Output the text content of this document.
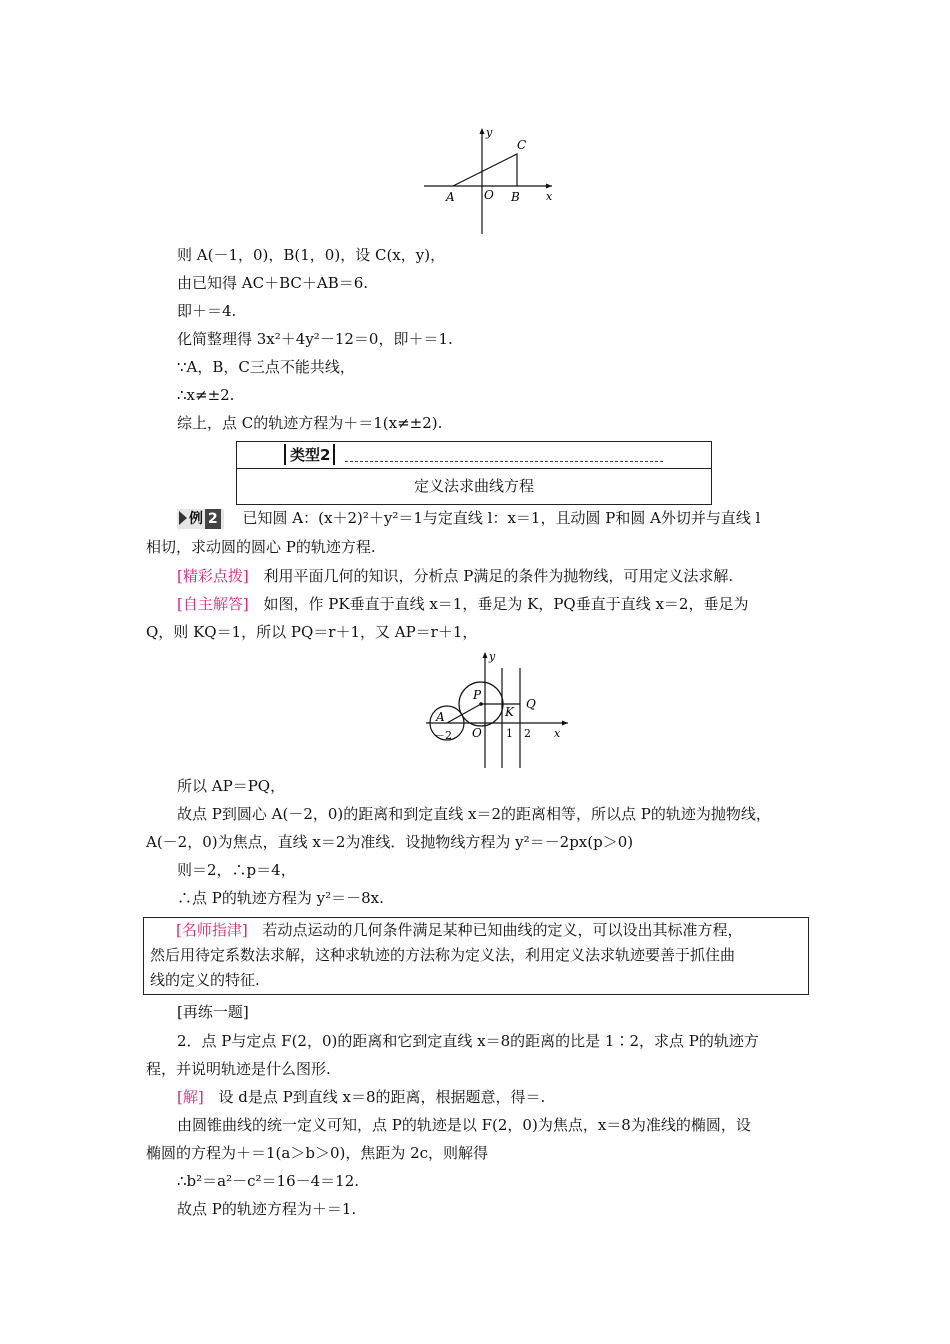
y
C
A O B x
则 A(－1，0)，B(1，0)，设 C(x，y)，
由已知得 AC＋BC＋AB＝6.
即＋＝4.
化简整理得 3x²＋4y²－12＝0，即＋＝1.
∵A，B，C三点不能共线，
∴x≠±2.
综上，点 C的轨迹方程为＋＝1(x≠±2).
类型2
定义法求曲线方程
例 2 已知圆 A：(x＋2)²＋y²＝1与定直线 l：x＝1，且动圆 P和圆 A外切并与直线 l
相切，求动圆的圆心 P的轨迹方程.
[精彩点拨] 利用平面几何的知识，分析点 P满足的条件为抛物线，可用定义法求解.
[自主解答] 如图，作 PK垂直于直线 x＝1，垂足为 K，PQ垂直于直线 x＝2，垂足为
Q，则 KQ＝1，所以 PQ＝r＋1，又 AP＝r＋1，
y
P
Q
K
A
－2 O 1 2 x
所以 AP＝PQ，
故点 P到圆心 A(－2，0)的距离和到定直线 x＝2的距离相等，所以点 P的轨迹为抛物线，
A(－2，0)为焦点，直线 x＝2为准线．设抛物线方程为 y²＝－2px(p＞0)
则＝2，∴p＝4，
∴点 P的轨迹方程为 y²＝－8x.
[名师指津] 若动点运动的几何条件满足某种已知曲线的定义，可以设出其标准方程，
然后用待定系数法求解，这种求轨迹的方法称为定义法，利用定义法求轨迹要善于抓住曲
线的定义的特征.
[再练一题]
2．点 P与定点 F(2，0)的距离和它到定直线 x＝8的距离的比是 1∶2，求点 P的轨迹方
程，并说明轨迹是什么图形.
[解] 设 d是点 P到直线 x＝8的距离，根据题意，得＝.
由圆锥曲线的统一定义可知，点 P的轨迹是以 F(2，0)为焦点，x＝8为准线的椭圆，设
椭圆的方程为＋＝1(a＞b＞0)，焦距为 2c，则解得
∴b²＝a²－c²＝16－4＝12.
故点 P的轨迹方程为＋＝1.
